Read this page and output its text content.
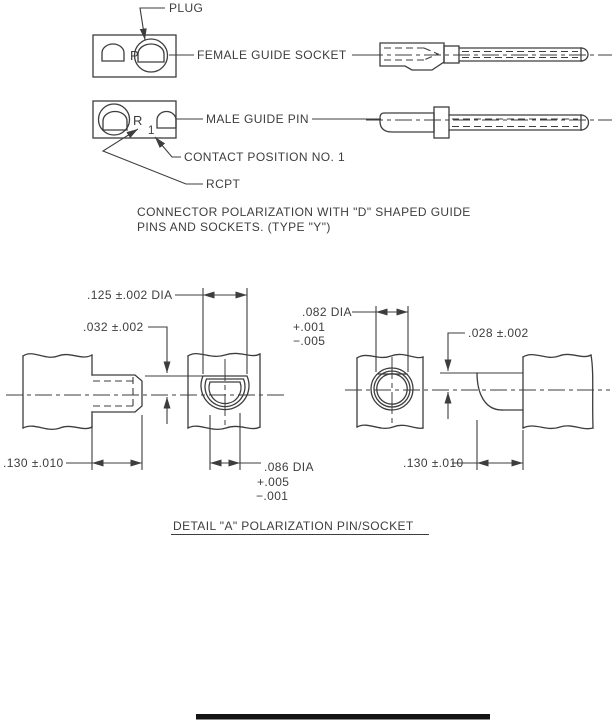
P
PLUG
FEMALE GUIDE SOCKET
R
1
MALE GUIDE PIN
CONTACT POSITION NO. 1
RCPT
CONNECTOR POLARIZATION WITH "D" SHAPED GUIDE
PINS AND SOCKETS. (TYPE "Y")
.125 ±.002 DIA
.032 ±.002
.130 ±.010	.086 DIA
+.005
−.001
.082 DIA
+.001
−.005
.028 ±.002
.130 ±.010
DETAIL "A" POLARIZATION PIN/SOCKET
